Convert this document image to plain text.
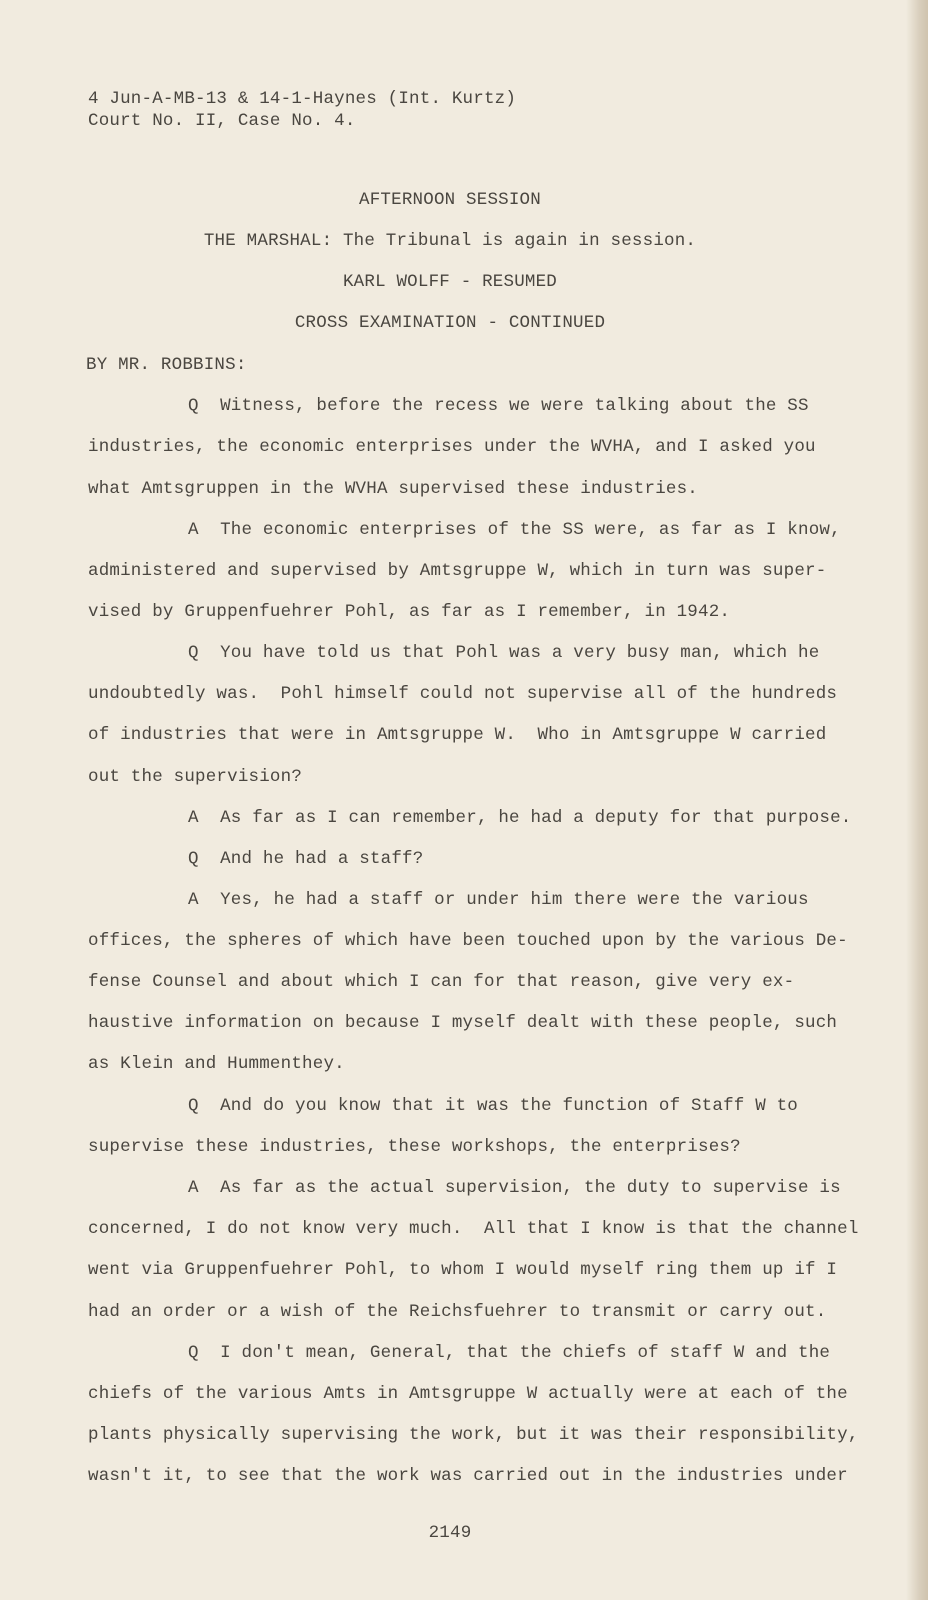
4 Jun-A-MB-13 & 14-1-Haynes (Int. Kurtz)
Court No. II, Case No. 4.
AFTERNOON SESSION
THE MARSHAL: The Tribunal is again in session.
KARL WOLFF - RESUMED
CROSS EXAMINATION - CONTINUED
BY MR. ROBBINS:
Q  Witness, before the recess we were talking about the SS
industries, the economic enterprises under the WVHA, and I asked you
what Amtsgruppen in the WVHA supervised these industries.
A  The economic enterprises of the SS were, as far as I know,
administered and supervised by Amtsgruppe W, which in turn was super-
vised by Gruppenfuehrer Pohl, as far as I remember, in 1942.
Q  You have told us that Pohl was a very busy man, which he
undoubtedly was.  Pohl himself could not supervise all of the hundreds
of industries that were in Amtsgruppe W.  Who in Amtsgruppe W carried
out the supervision?
A  As far as I can remember, he had a deputy for that purpose.
Q  And he had a staff?
A  Yes, he had a staff or under him there were the various
offices, the spheres of which have been touched upon by the various De-
fense Counsel and about which I can for that reason, give very ex-
haustive information on because I myself dealt with these people, such
as Klein and Hummenthey.
Q  And do you know that it was the function of Staff W to
supervise these industries, these workshops, the enterprises?
A  As far as the actual supervision, the duty to supervise is
concerned, I do not know very much.  All that I know is that the channel
went via Gruppenfuehrer Pohl, to whom I would myself ring them up if I
had an order or a wish of the Reichsfuehrer to transmit or carry out.
Q  I don't mean, General, that the chiefs of staff W and the
chiefs of the various Amts in Amtsgruppe W actually were at each of the
plants physically supervising the work, but it was their responsibility,
wasn't it, to see that the work was carried out in the industries under
2149
